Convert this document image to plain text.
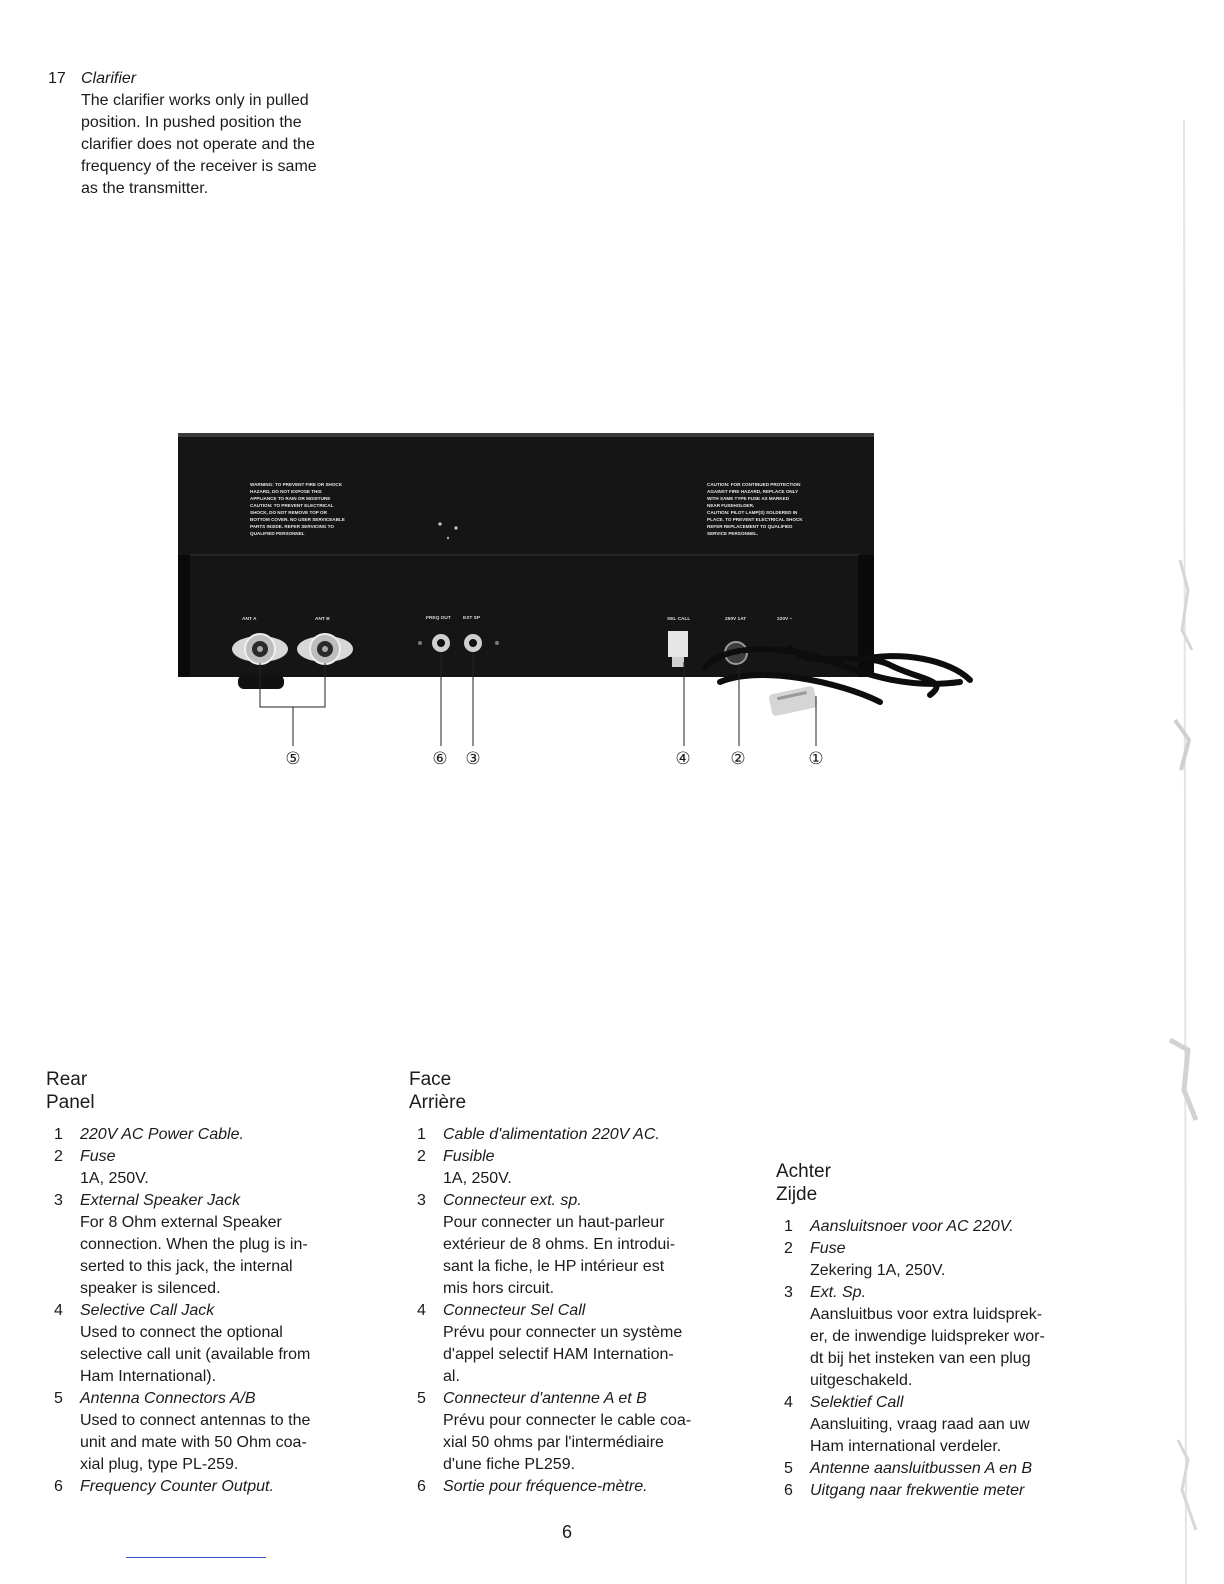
17 Clarifier
The clarifier works only in pulled
position. In pushed position the
clarifier does not operate and the
frequency of the receiver is same
as the transmitter.
WARNING: TO PREVENT FIRE OR SHOCK
HAZARD, DO NOT EXPOSE THIS
APPLIANCE TO RAIN OR MOISTURE
CAUTION: TO PREVENT ELECTRICAL
SHOCK, DO NOT REMOVE TOP OR
BOTTOM COVER. NO USER SERVICEABLE
PARTS INSIDE. REFER SERVICING TO
QUALIFIED PERSONNEL
CAUTION: FOR CONTINUED PROTECTION
AGAINST FIRE HAZARD, REPLACE ONLY
WITH SAME TYPE FUSE AS MARKED
NEAR FUSEHOLDER.
CAUTION: PILOT LAMP(S) SOLDERED IN
PLACE. TO PREVENT ELECTRICAL SHOCK
REFER REPLACEMENT TO QUALIFIED
SERVICE PERSONNEL.
ANT A	ANT B	FREQ OUT	EXT SP	SEL CALL	250V 1AT	220V ~
⑤	⑥ ③	④ ②	①
Rear
Panel
1 220V AC Power Cable.
2 Fuse
1A, 250V.
3 External Speaker Jack
For 8 Ohm external Speaker
connection. When the plug is in-
serted to this jack, the internal
speaker is silenced.
4 Selective Call Jack
Used to connect the optional
selective call unit (available from
Ham International).
5 Antenna Connectors A/B
Used to connect antennas to the
unit and mate with 50 Ohm coa-
xial plug, type PL-259.
6 Frequency Counter Output.
Face
Arrière
1 Cable d'alimentation 220V AC.
2 Fusible
1A, 250V.
3 Connecteur ext. sp.
Pour connecter un haut-parleur
extérieur de 8 ohms. En introdui-
sant la fiche, le HP intérieur est
mis hors circuit.
4 Connecteur Sel Call
Prévu pour connecter un système
d'appel selectif HAM Internation-
al.
5 Connecteur d'antenne A et B
Prévu pour connecter le cable coa-
xial 50 ohms par l'intermédiaire
d'une fiche PL259.
6 Sortie pour fréquence-mètre.
Achter
Zijde
1 Aansluitsnoer voor AC 220V.
2 Fuse
Zekering 1A, 250V.
3 Ext. Sp.
Aansluitbus voor extra luidsprek-
er, de inwendige luidspreker wor-
dt bij het insteken van een plug
uitgeschakeld.
4 Selektief Call
Aansluiting, vraag raad aan uw
Ham international verdeler.
5 Antenne aansluitbussen A en B
6 Uitgang naar frekwentie meter
6
